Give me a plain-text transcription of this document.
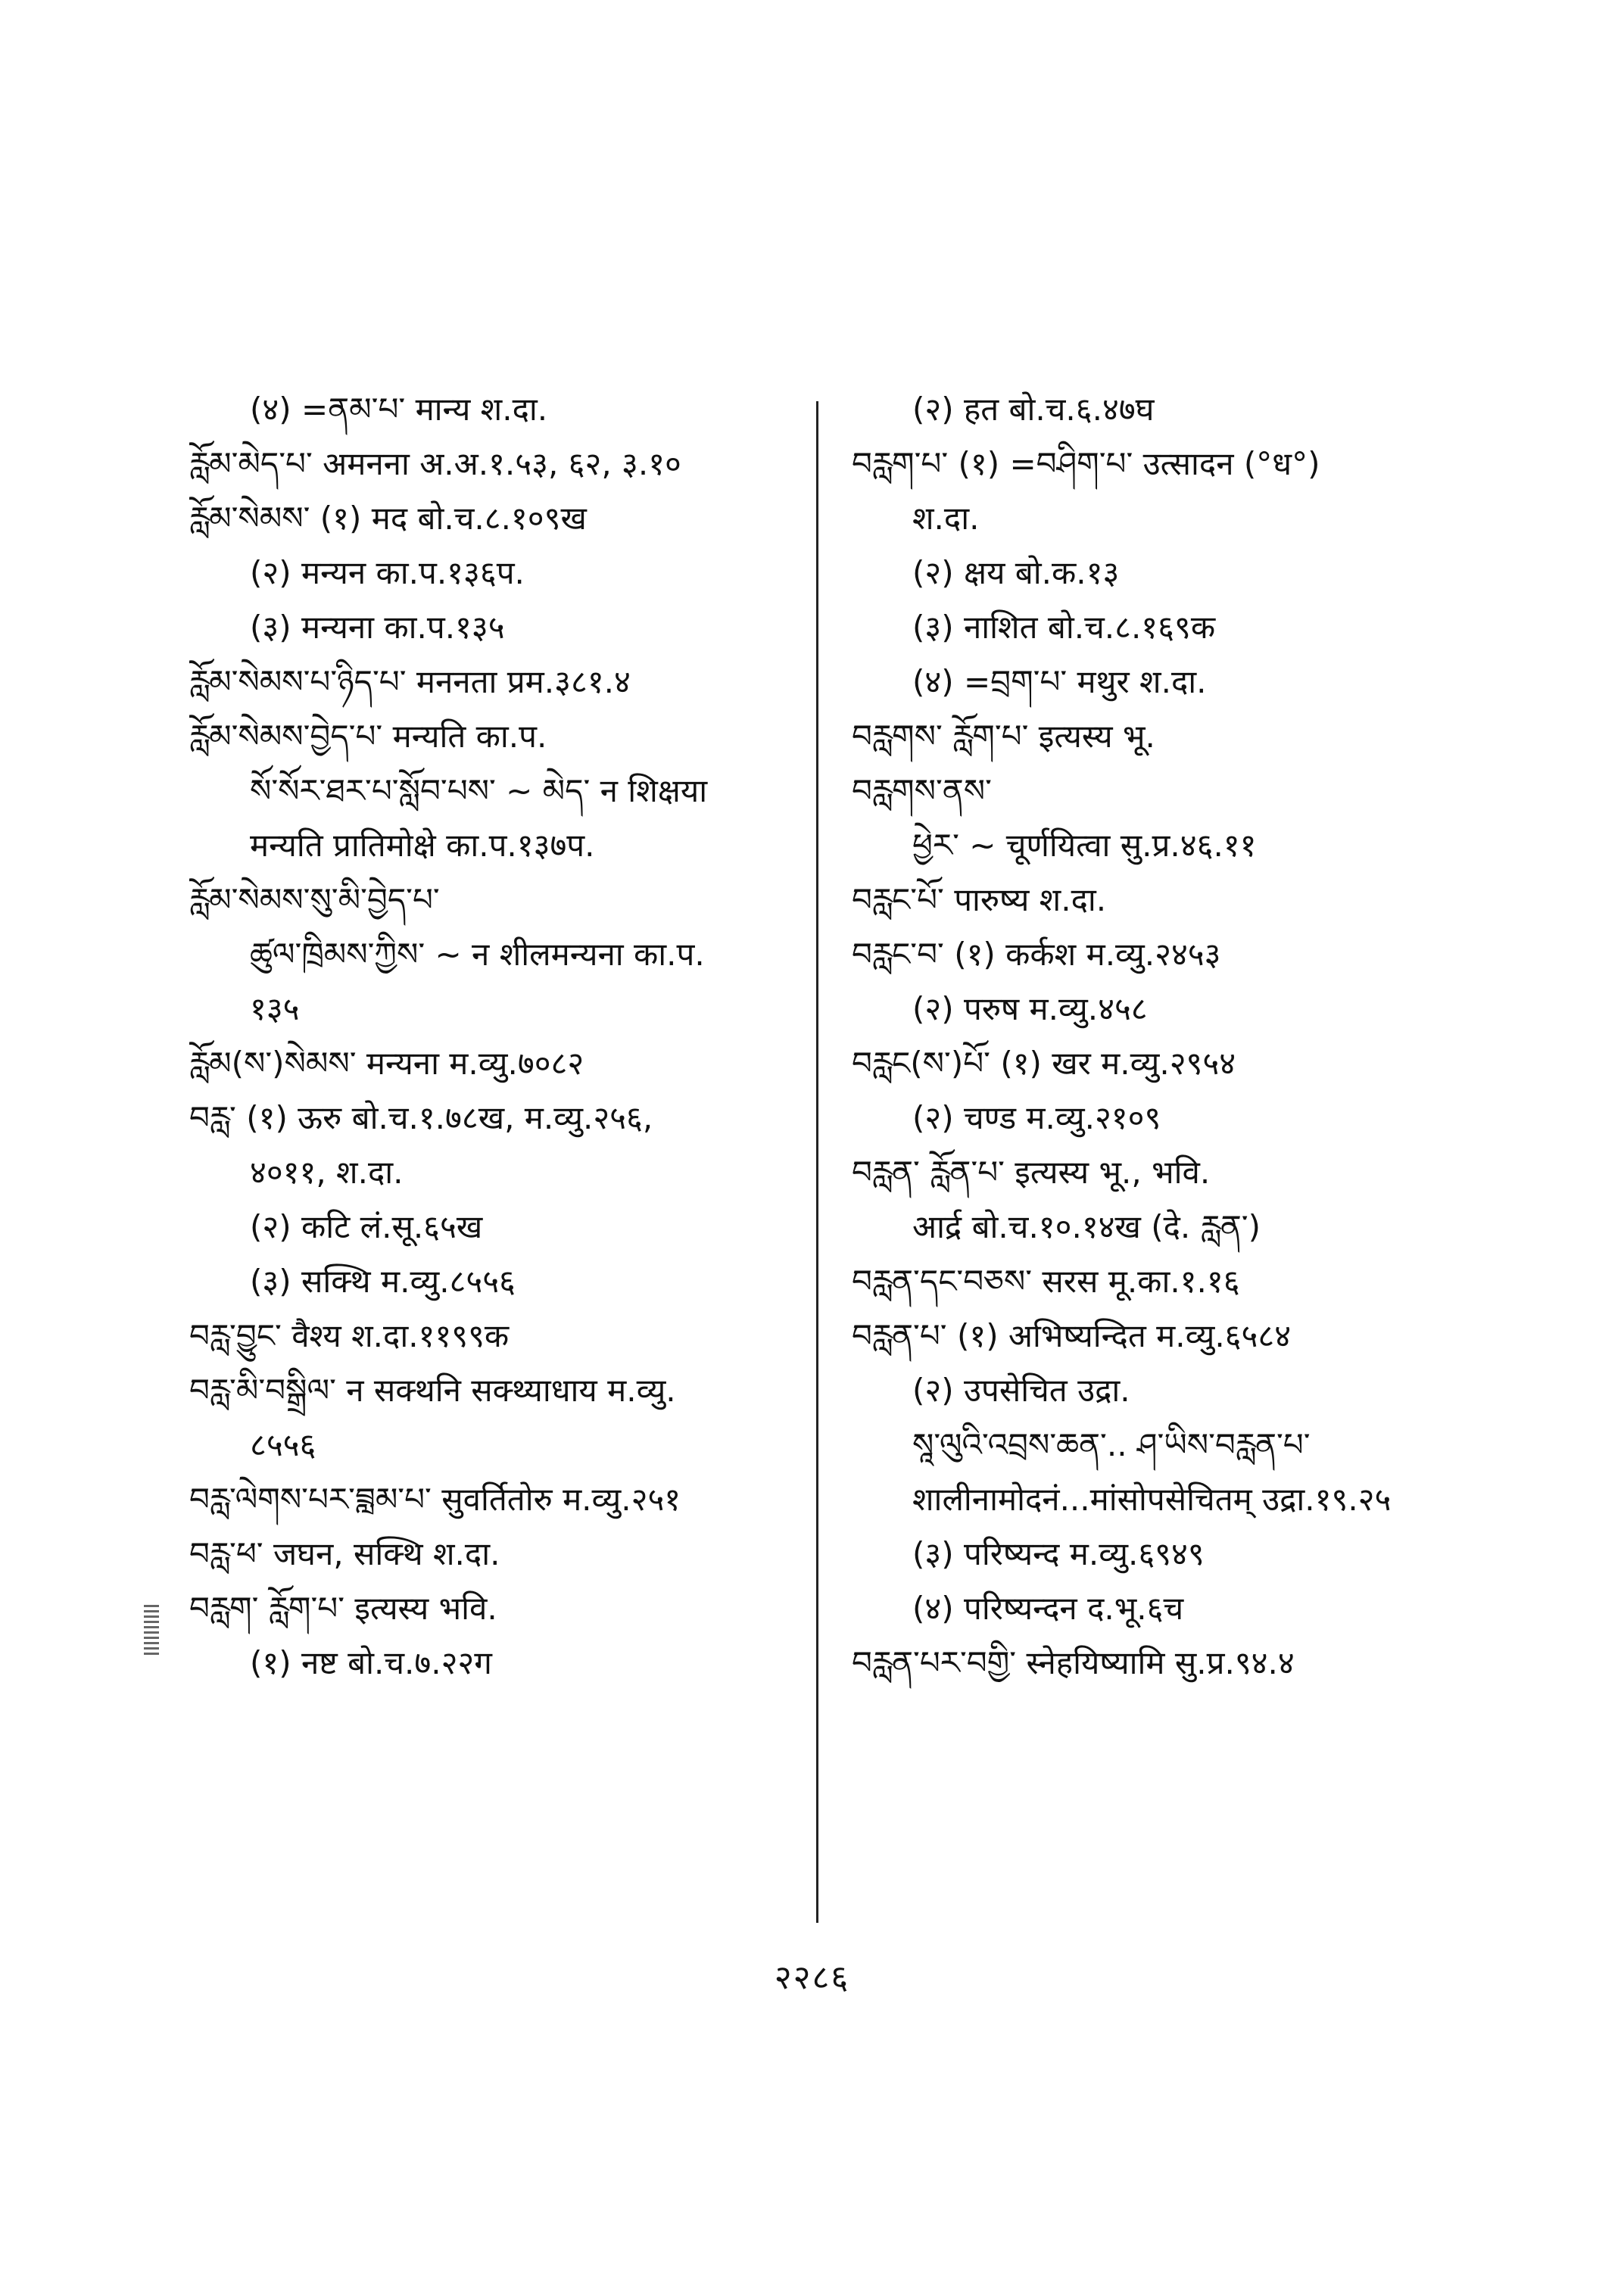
(४) =ནམ་པ་ मान्य श.दा.
རློམ་མེད་པ་ अमनना अ.अ.१.५३, ६२, ३.१०
རློམ་སེམས་ (१) मद बो.च.८.१०९ख
(२) मन्यन का.प.१३६प.
(३) मन्यना का.प.१३५
རློམ་སེམས་པ་ཉིད་པ་ मननता प्रम.३८१.४
རློམ་སེམས་བྱེད་པ་ मन्यति का.प.
སོ་སོར་ཐར་པ་སློབ་པས་ ~ མེད་ न शिक्षया
मन्यति प्रातिमोक्षे का.प.१३७प.
རློམ་སེམས་སུ་མི་བྱེད་པ་
ཚུལ་ཁྲིམས་ཀྱིས་ ~ न शीलमन्यना का.प.
१३५
རློམ(ས་)སེམས་ मन्यना म.व्यु.७०८२
བརླ་ (१) ऊरु बो.च.१.७८ख, म.व्यु.२५६,
४०११, श.दा.
(२) कटि लं.सू.६५ख
(३) सक्थि म.व्यु.८५५६
བརླ་བྱུང་ वैश्य श.दा.११९९क
བརླ་མི་བསྒྲིལ་ न सक्थनि सक्थ्याधाय म.व्यु.
८५५६
བརླ་ལེགས་པར་བྲླམ་པ་ सुवर्तितोरु म.व्यु.२५१
བརླ་ཕ་ जघन, सक्थि श.दा.
བརླག་ རློག་པ་ इत्यस्य भवि.
(१) नष्ट बो.च.७.२२ग
(२) हत बो.च.६.४७घ
བརླག་པ་ (१) =བཤིག་པ་ उत्सादन (°ध°)
श.दा.
(२) क्षय बो.क.१३
(३) नाशित बो.च.८.१६९क
(४) =བྲག་པ་ मथुर श.दा.
བརླགས་ རློག་པ་ इत्यस्य भू.
བརླགས་ནས་
ཕྱེར་ ~ चूर्णयित्वा सु.प्र.४६.११
བརླང་པོ་ पारुष्य श.दा.
བརླང་བ་ (१) कर्कश म.व्यु.२४५३
(२) परुष म.व्यु.४५८
བརླང(ས་)པོ་ (१) खर म.व्यु.२९५४
(२) चण्ड म.व्यु.२१०९
བརླན་ རློན་པ་ इत्यस्य भू., भवि.
आर्द्र बो.च.१०.१४ख (दे. རླན་)
བརླན་དང་བཅས་ सरस मू.का.१.१६
བརླན་པ་ (१) अभिष्यन्दित म.व्यु.६५८४
(२) उपसेचित उद्रा.
སཱ་ལུའི་འབྲས་ཆན་.. ཤ་ཡིས་བརླན་པ་
शालीनामोदनं...मांसोपसेचितम् उद्रा.१९.२५
(३) परिष्यन्द म.व्यु.६९४९
(४) परिष्यन्दन द.भू.६च
བརླན་པར་བགྱི་ स्नेहयिष्यामि सु.प्र.९४.४
२२८६
